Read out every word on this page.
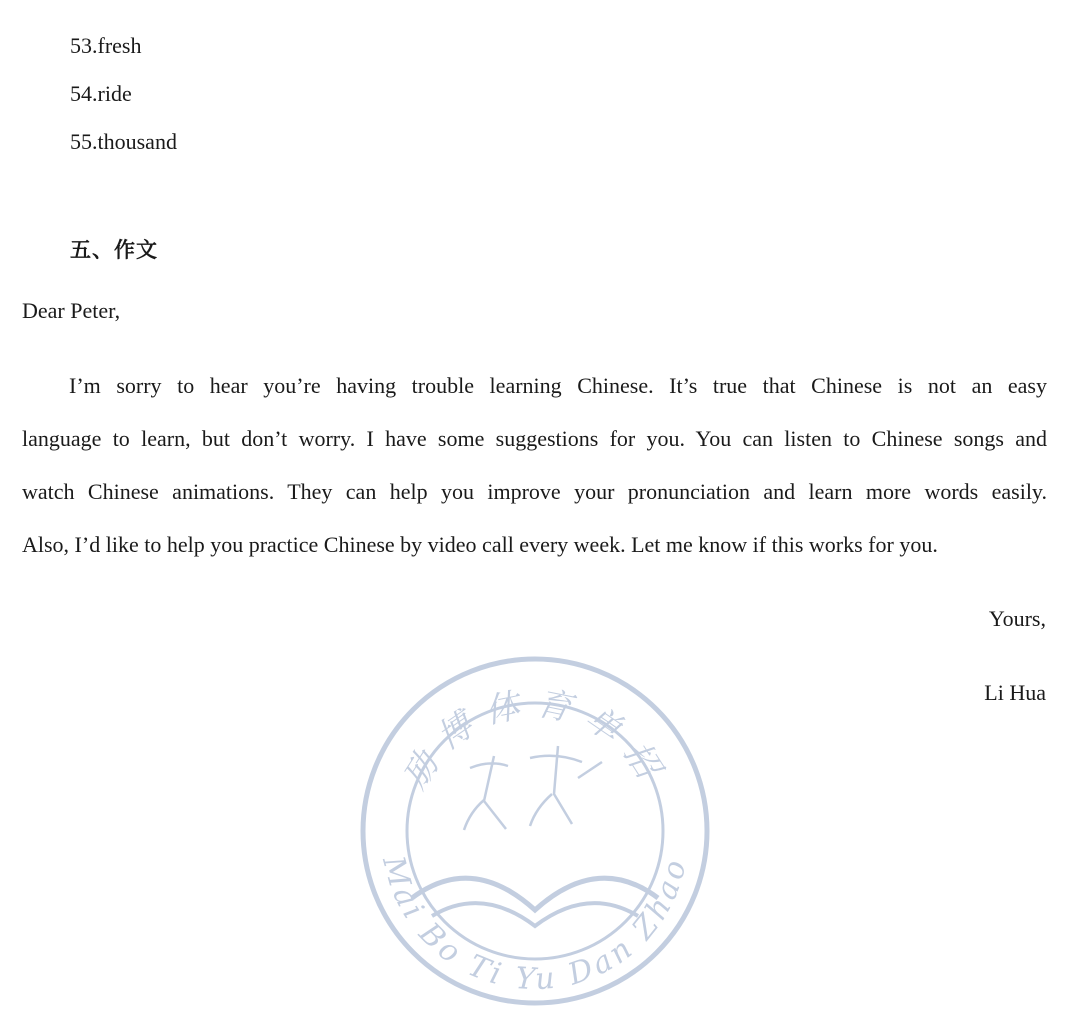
53.fresh
54.ride
55.thousand
五、作文
Dear Peter,
I’m sorry to hear you’re having trouble learning Chinese. It’s true that Chinese is not an easy
language to learn, but don’t worry. I have some suggestions for you. You can listen to Chinese songs and
watch Chinese animations. They can help you improve your pronunciation and learn more words easily.
Also, I’d like to help you practice Chinese by video call every week. Let me know if this works for you.
Yours,
Li Hua
劢博体育单招
Mai Bo Ti Yu Dan Zhao
